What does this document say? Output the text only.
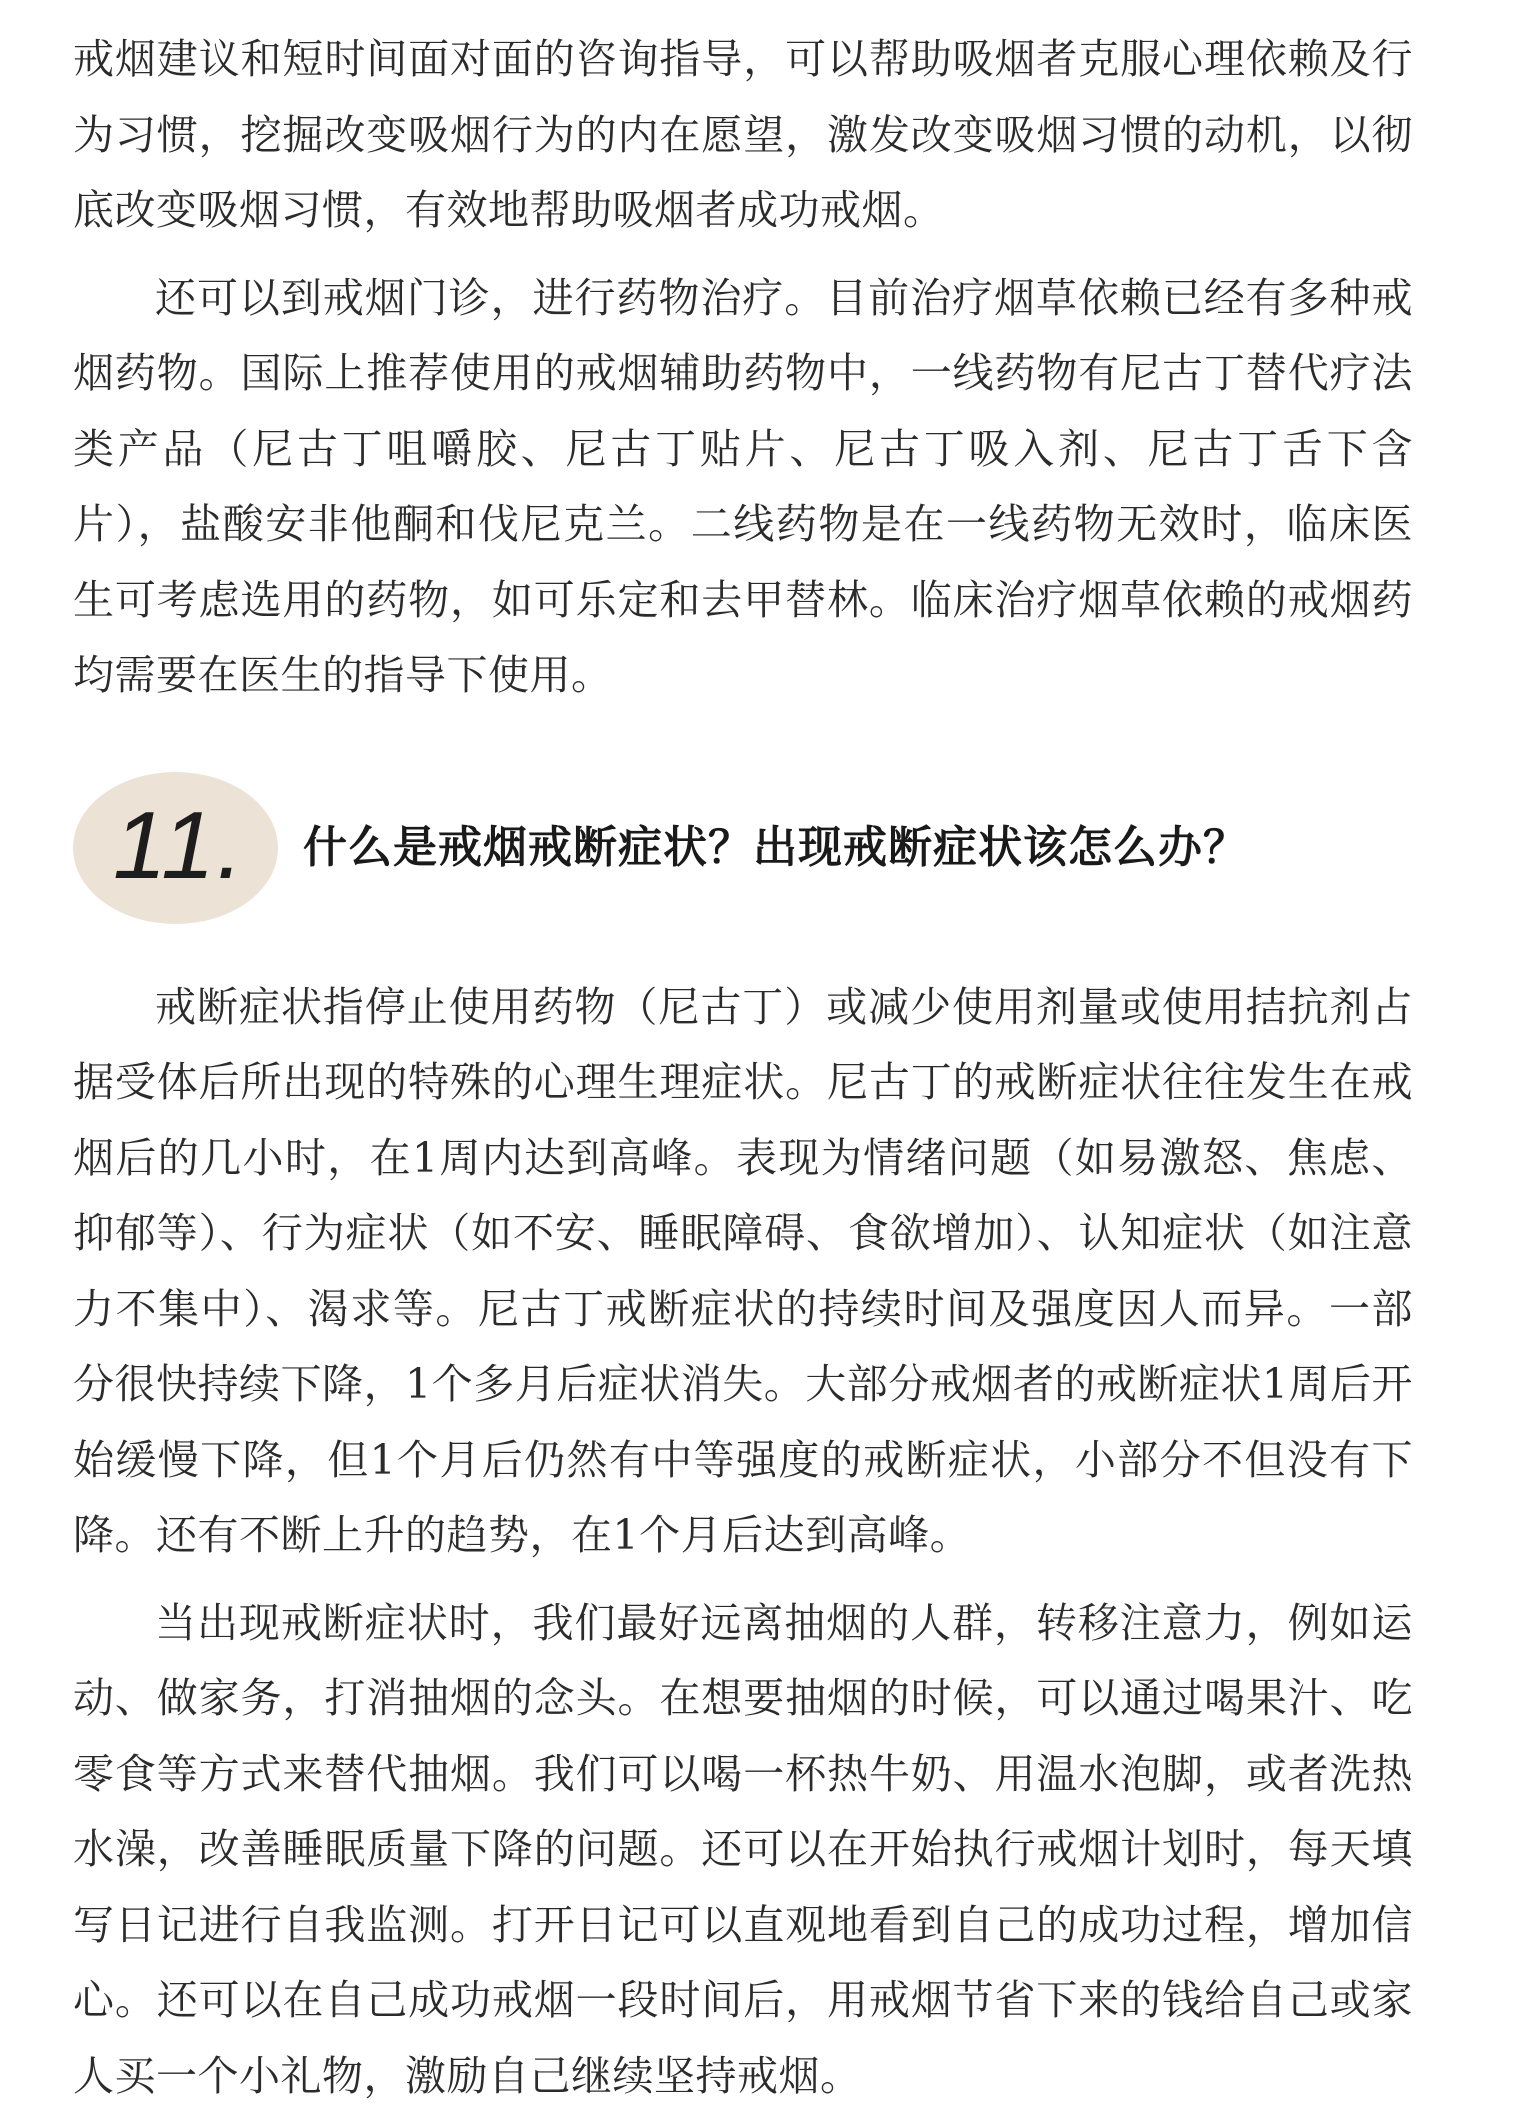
戒烟建议和短时间面对面的咨询指导，可以帮助吸烟者克服心理依赖及行为习惯，挖掘改变吸烟行为的内在愿望，激发改变吸烟习惯的动机，以彻底改变吸烟习惯，有效地帮助吸烟者成功戒烟。

还可以到戒烟门诊，进行药物治疗。目前治疗烟草依赖已经有多种戒烟药物。国际上推荐使用的戒烟辅助药物中，一线药物有尼古丁替代疗法类产品（尼古丁咀嚼胶、尼古丁贴片、尼古丁吸入剂、尼古丁舌下含片），盐酸安非他酮和伐尼克兰。二线药物是在一线药物无效时，临床医生可考虑选用的药物，如可乐定和去甲替林。临床治疗烟草依赖的戒烟药均需要在医生的指导下使用。

11. 什么是戒烟戒断症状？出现戒断症状该怎么办？

戒断症状指停止使用药物（尼古丁）或减少使用剂量或使用拮抗剂占据受体后所出现的特殊的心理生理症状。尼古丁的戒断症状往往发生在戒烟后的几小时，在1周内达到高峰。表现为情绪问题（如易激怒、焦虑、抑郁等）、行为症状（如不安、睡眠障碍、食欲增加）、认知症状（如注意力不集中）、渴求等。尼古丁戒断症状的持续时间及强度因人而异。一部分很快持续下降，1个多月后症状消失。大部分戒烟者的戒断症状1周后开始缓慢下降，但1个月后仍然有中等强度的戒断症状，小部分不但没有下降。还有不断上升的趋势，在1个月后达到高峰。

当出现戒断症状时，我们最好远离抽烟的人群，转移注意力，例如运动、做家务，打消抽烟的念头。在想要抽烟的时候，可以通过喝果汁、吃零食等方式来替代抽烟。我们可以喝一杯热牛奶、用温水泡脚，或者洗热水澡，改善睡眠质量下降的问题。还可以在开始执行戒烟计划时，每天填写日记进行自我监测。打开日记可以直观地看到自己的成功过程，增加信心。还可以在自己成功戒烟一段时间后，用戒烟节省下来的钱给自己或家人买一个小礼物，激励自己继续坚持戒烟。
